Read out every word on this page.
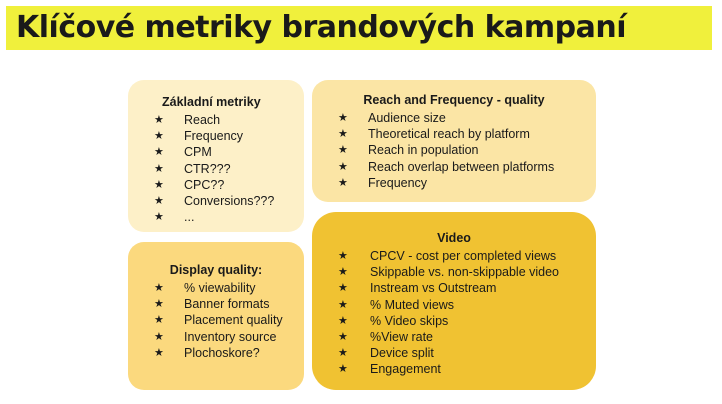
Klíčové metriky brandových kampaní
Základní metriky
★ Reach
★ Frequency
★ CPM
★ CTR???
★ CPC??
★ Conversions???
★ ...
Reach and Frequency - quality
★ Audience size
★ Theoretical reach by platform
★ Reach in population
★ Reach overlap between platforms
★ Frequency
Display quality:
★ % viewability
★ Banner formats
★ Placement quality
★ Inventory source
★ Plochoskore?
Video
★ CPCV - cost per completed views
★ Skippable vs. non-skippable video
★ Instream vs Outstream
★ % Muted views
★ % Video skips
★ %View rate
★ Device split
★ Engagement
